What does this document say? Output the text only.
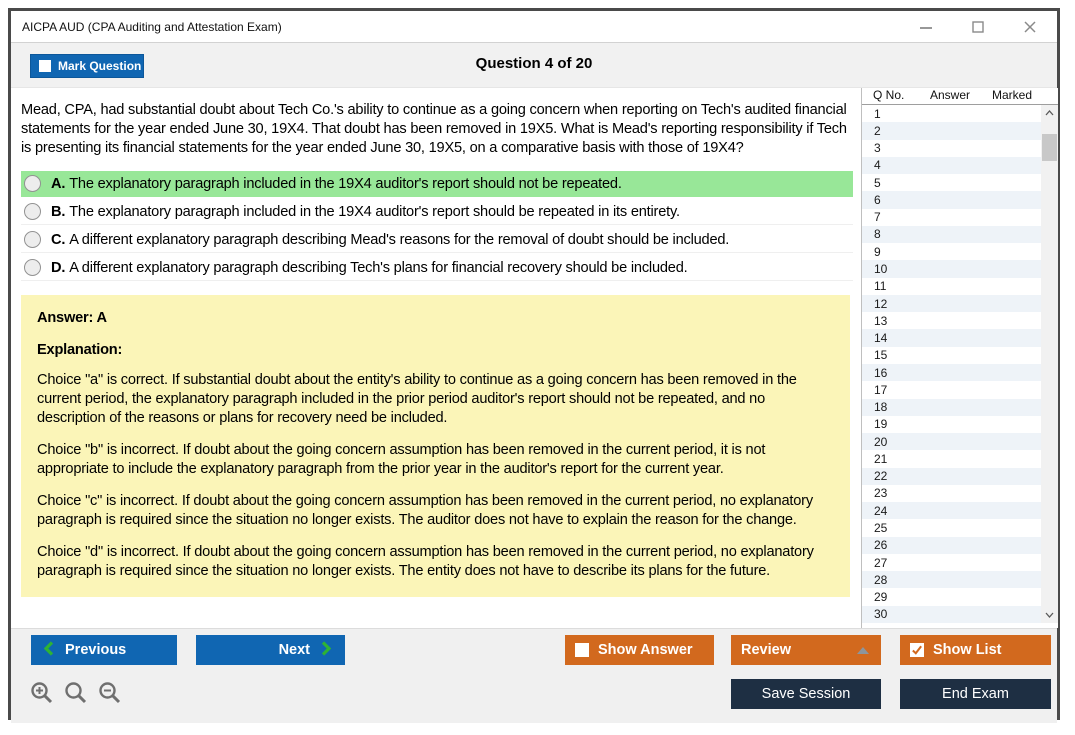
AICPA AUD (CPA Auditing and Attestation Exam)
Mark Question	Question 4 of 20
Mead, CPA, had substantial doubt about Tech Co.'s ability to continue as a going concern when reporting on Tech's audited financial statements for the year ended June 30, 19X4. That doubt has been removed in 19X5. What is Mead's reporting responsibility if Tech is presenting its financial statements for the year ended June 30, 19X5, on a comparative basis with those of 19X4?
A. The explanatory paragraph included in the 19X4 auditor's report should not be repeated.
B. The explanatory paragraph included in the 19X4 auditor's report should be repeated in its entirety.
C. A different explanatory paragraph describing Mead's reasons for the removal of doubt should be included.
D. A different explanatory paragraph describing Tech's plans for financial recovery should be included.
Answer: A
Explanation:

Choice "a" is correct. If substantial doubt about the entity's ability to continue as a going concern has been removed in the current period, the explanatory paragraph included in the prior period auditor's report should not be repeated, and no description of the reasons or plans for recovery need be included.

Choice "b" is incorrect. If doubt about the going concern assumption has been removed in the current period, it is not appropriate to include the explanatory paragraph from the prior year in the auditor's report for the current year.

Choice "c" is incorrect. If doubt about the going concern assumption has been removed in the current period, no explanatory paragraph is required since the situation no longer exists. The auditor does not have to explain the reason for the change.

Choice "d" is incorrect. If doubt about the going concern assumption has been removed in the current period, no explanatory paragraph is required since the situation no longer exists. The entity does not have to describe its plans for the future.

Q No.	Answer	Marked
1
2
3
4
5
6
7
8
9
10
11
12
13
14
15
16
17
18
19
20
21
22
23
24
25
26
27
28
29
30
Previous	Next	Show Answer	Review	Show List
Save Session	End Exam
